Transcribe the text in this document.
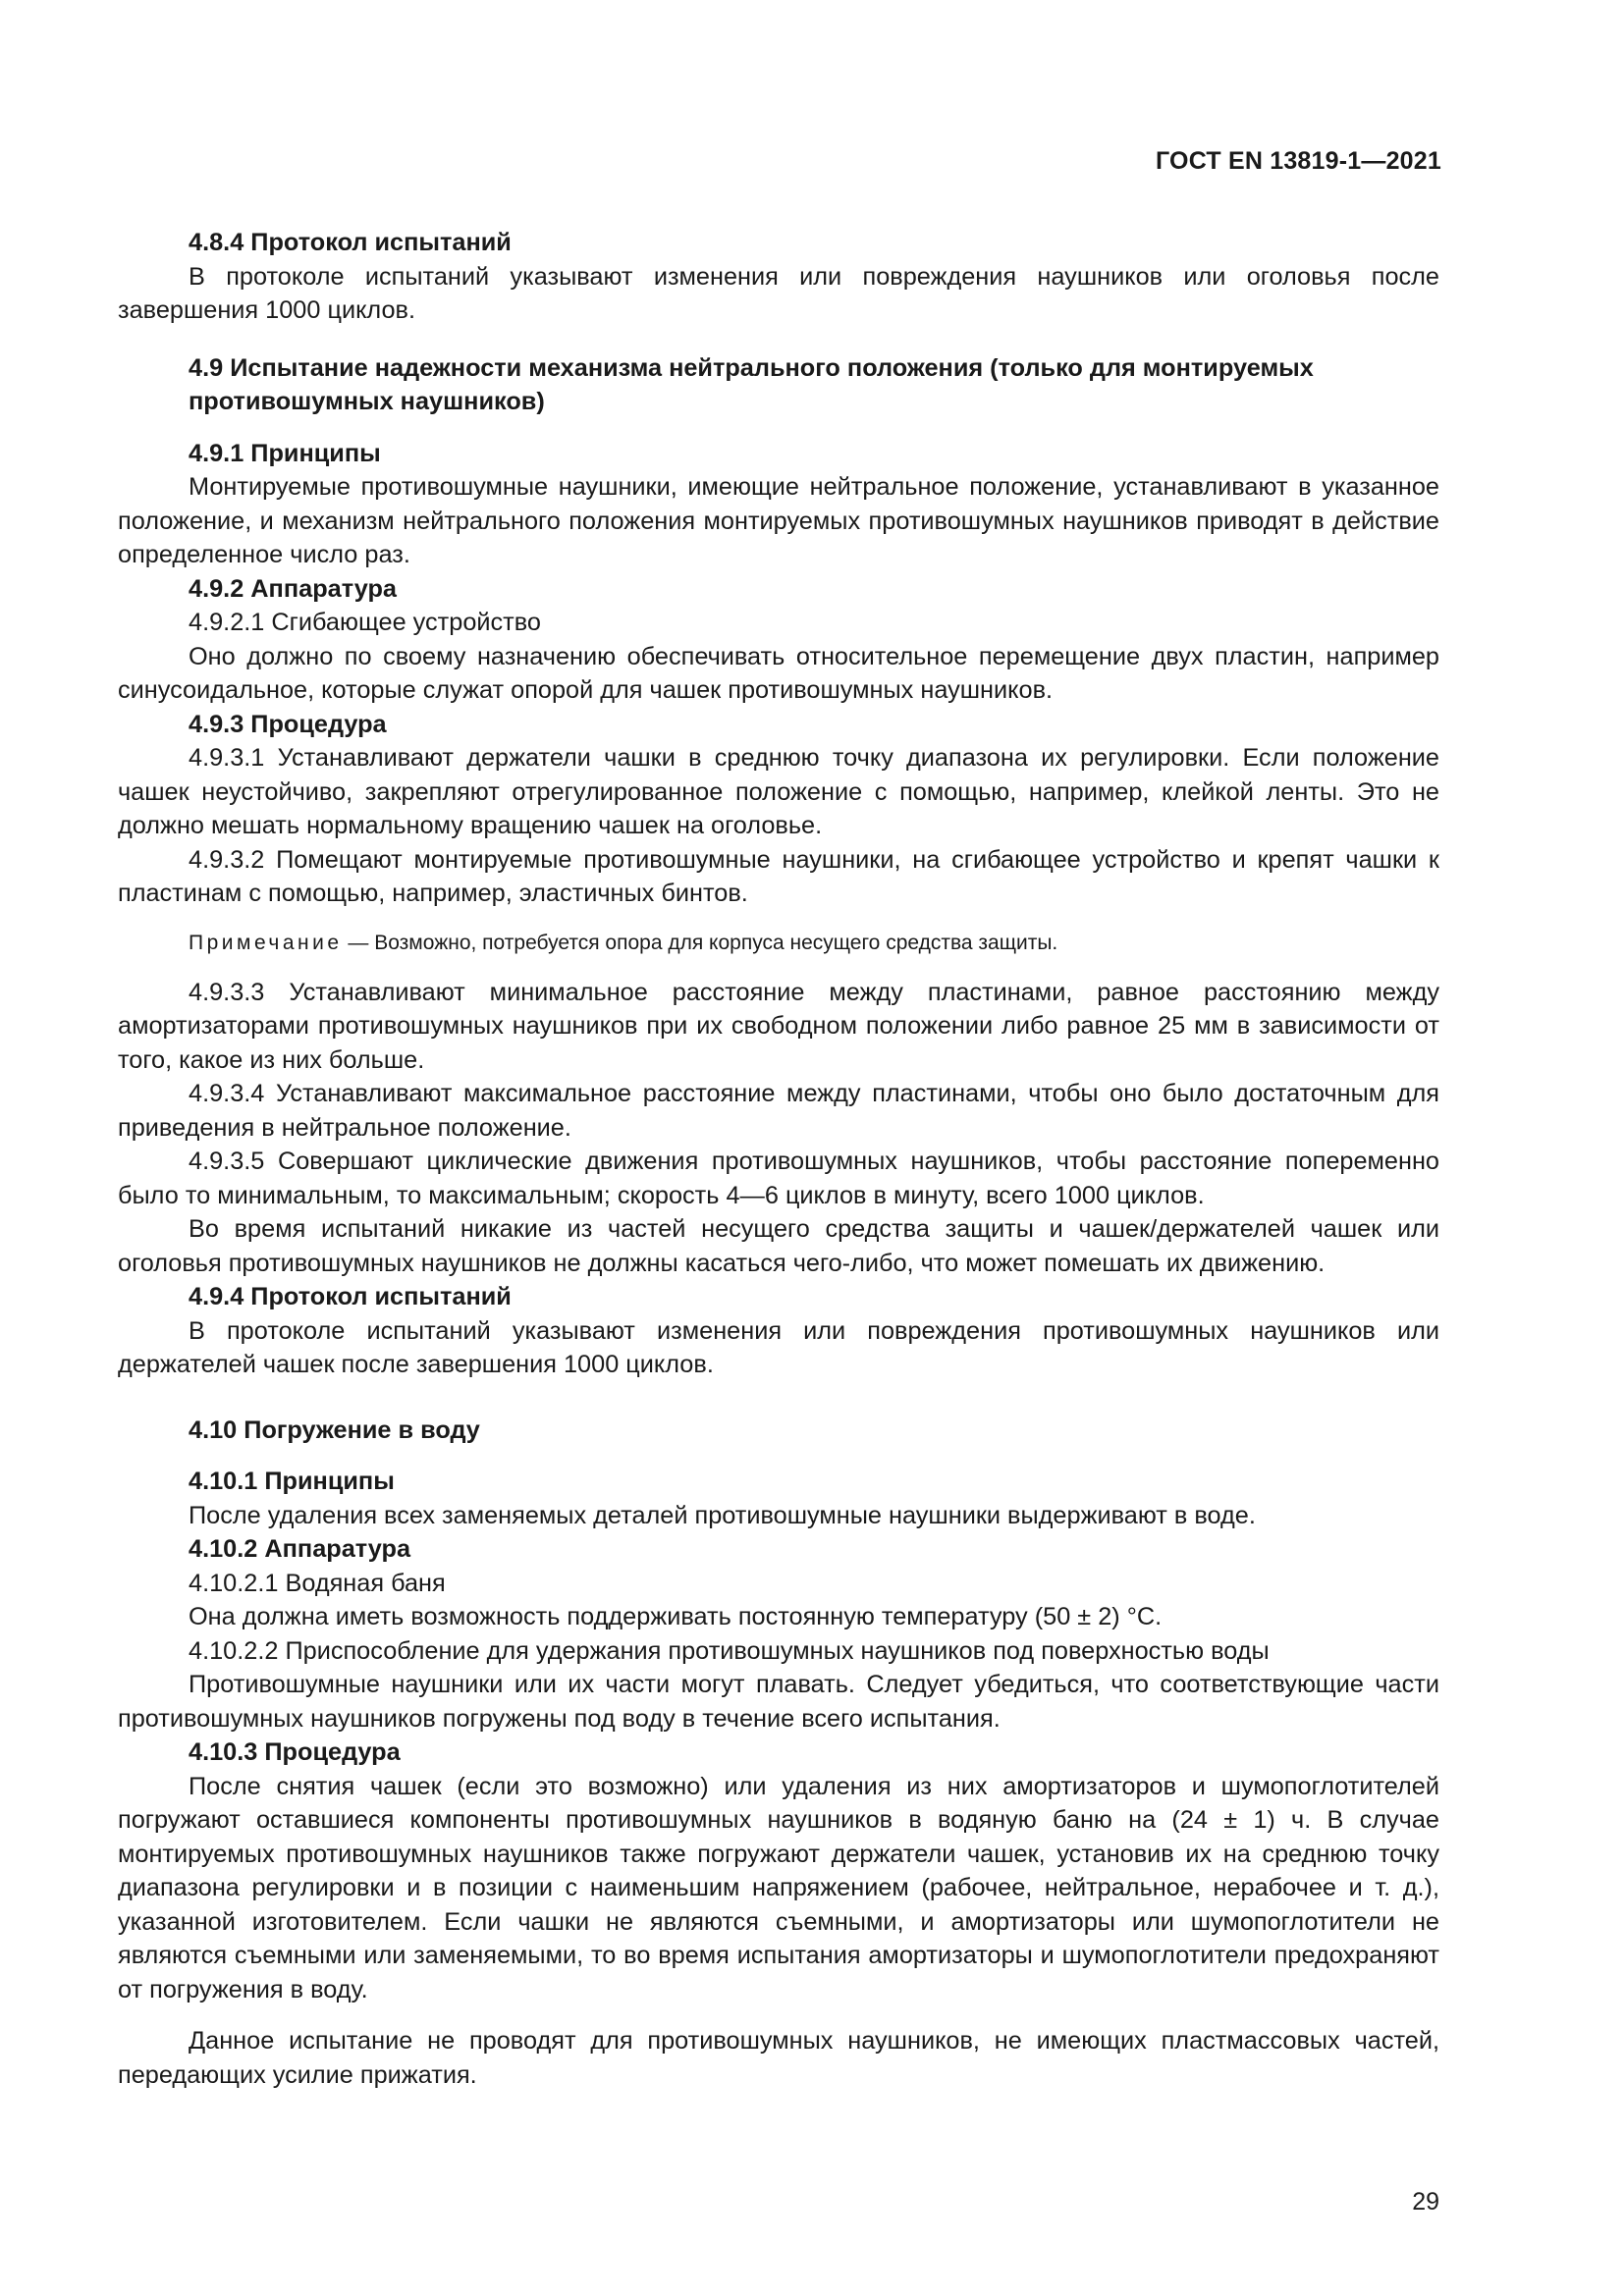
ГОСТ EN 13819-1—2021

4.8.4 Протокол испытаний

В протоколе испытаний указывают изменения или повреждения наушников или оголовья после завершения 1000 циклов.

4.9 Испытание надежности механизма нейтрального положения (только для монтируемых противошумных наушников)

4.9.1 Принципы

Монтируемые противошумные наушники, имеющие нейтральное положение, устанавливают в указанное положение, и механизм нейтрального положения монтируемых противошумных наушников приводят в действие определенное число раз.

4.9.2 Аппаратура

4.9.2.1 Сгибающее устройство

Оно должно по своему назначению обеспечивать относительное перемещение двух пластин, например синусоидальное, которые служат опорой для чашек противошумных наушников.

4.9.3 Процедура

4.9.3.1 Устанавливают держатели чашки в среднюю точку диапазона их регулировки. Если положение чашек неустойчиво, закрепляют отрегулированное положение с помощью, например, клейкой ленты. Это не должно мешать нормальному вращению чашек на оголовье.

4.9.3.2 Помещают монтируемые противошумные наушники, на сгибающее устройство и крепят чашки к пластинам с помощью, например, эластичных бинтов.

Примечание — Возможно, потребуется опора для корпуса несущего средства защиты.

4.9.3.3 Устанавливают минимальное расстояние между пластинами, равное расстоянию между амортизаторами противошумных наушников при их свободном положении либо равное 25 мм в зависимости от того, какое из них больше.

4.9.3.4 Устанавливают максимальное расстояние между пластинами, чтобы оно было достаточным для приведения в нейтральное положение.

4.9.3.5 Совершают циклические движения противошумных наушников, чтобы расстояние попеременно было то минимальным, то максимальным; скорость 4—6 циклов в минуту, всего 1000 циклов.

Во время испытаний никакие из частей несущего средства защиты и чашек/держателей чашек или оголовья противошумных наушников не должны касаться чего-либо, что может помешать их движению.

4.9.4 Протокол испытаний

В протоколе испытаний указывают изменения или повреждения противошумных наушников или держателей чашек после завершения 1000 циклов.

4.10 Погружение в воду

4.10.1 Принципы

После удаления всех заменяемых деталей противошумные наушники выдерживают в воде.

4.10.2 Аппаратура

4.10.2.1 Водяная баня

Она должна иметь возможность поддерживать постоянную температуру (50 ± 2) °С.

4.10.2.2 Приспособление для удержания противошумных наушников под поверхностью воды

Противошумные наушники или их части могут плавать. Следует убедиться, что соответствующие части противошумных наушников погружены под воду в течение всего испытания.

4.10.3 Процедура

После снятия чашек (если это возможно) или удаления из них амортизаторов и шумопоглотителей погружают оставшиеся компоненты противошумных наушников в водяную баню на (24 ± 1) ч. В случае монтируемых противошумных наушников также погружают держатели чашек, установив их на среднюю точку диапазона регулировки и в позиции с наименьшим напряжением (рабочее, нейтральное, нерабочее и т. д.), указанной изготовителем. Если чашки не являются съемными, и амортизаторы или шумопоглотители не являются съемными или заменяемыми, то во время испытания амортизаторы и шумопоглотители предохраняют от погружения в воду.

Данное испытание не проводят для противошумных наушников, не имеющих пластмассовых частей, передающих усилие прижатия.

29
